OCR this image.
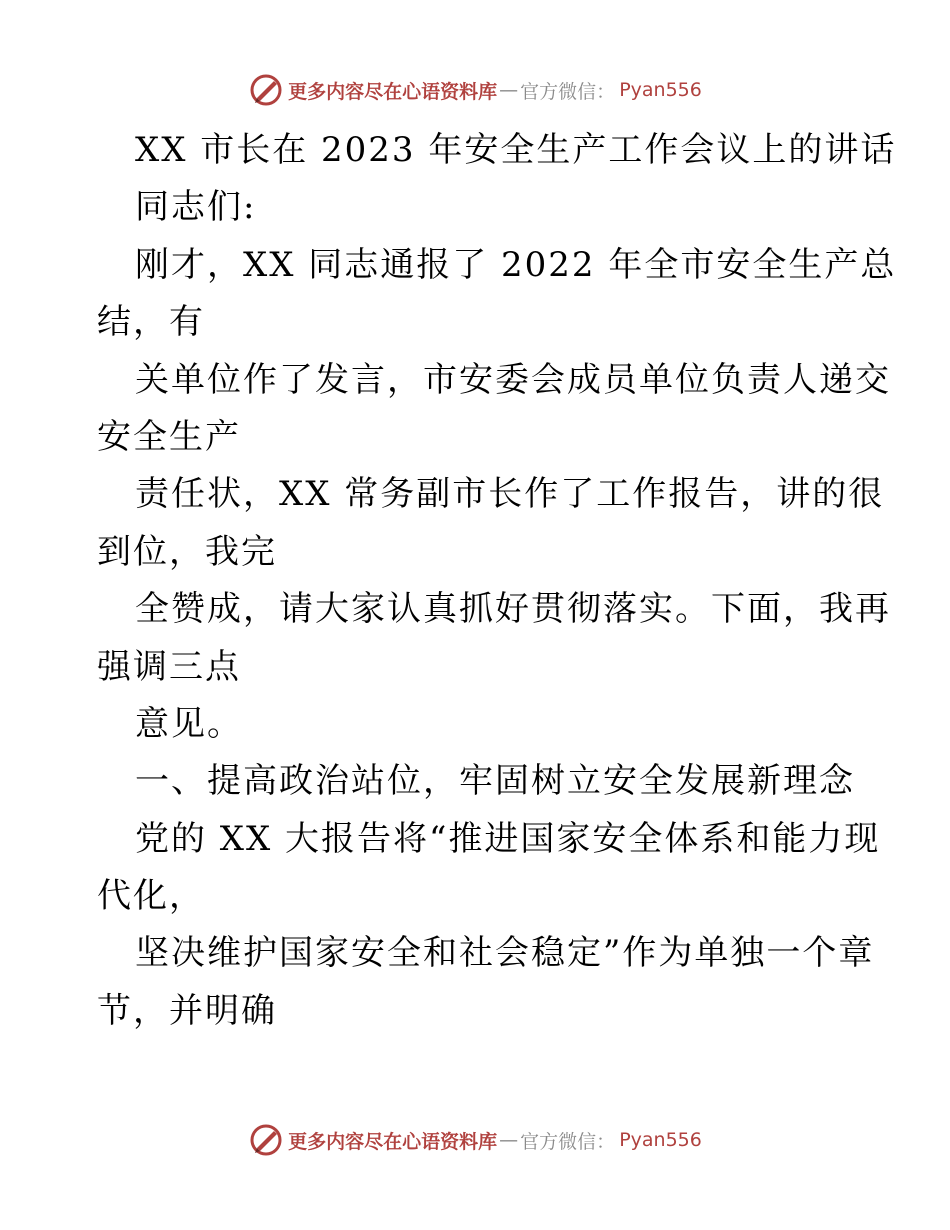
更多内容尽在心语资料库 — 官方微信： Pyan556
XX 市长在 2023 年安全生产工作会议上的讲话
同志们:
刚才，XX 同志通报了 2022 年全市安全生产总
结，有
关单位作了发言，市安委会成员单位负责人递交
安全生产
责任状，XX 常务副市长作了工作报告，讲的很
到位，我完
全赞成，请大家认真抓好贯彻落实。下面，我再
强调三点
意见。
一、提高政治站位，牢固树立安全发展新理念
党的 XX 大报告将“推进国家安全体系和能力现
代化，
坚决维护国家安全和社会稳定”作为单独一个章
节，并明确
更多内容尽在心语资料库 — 官方微信： Pyan556
